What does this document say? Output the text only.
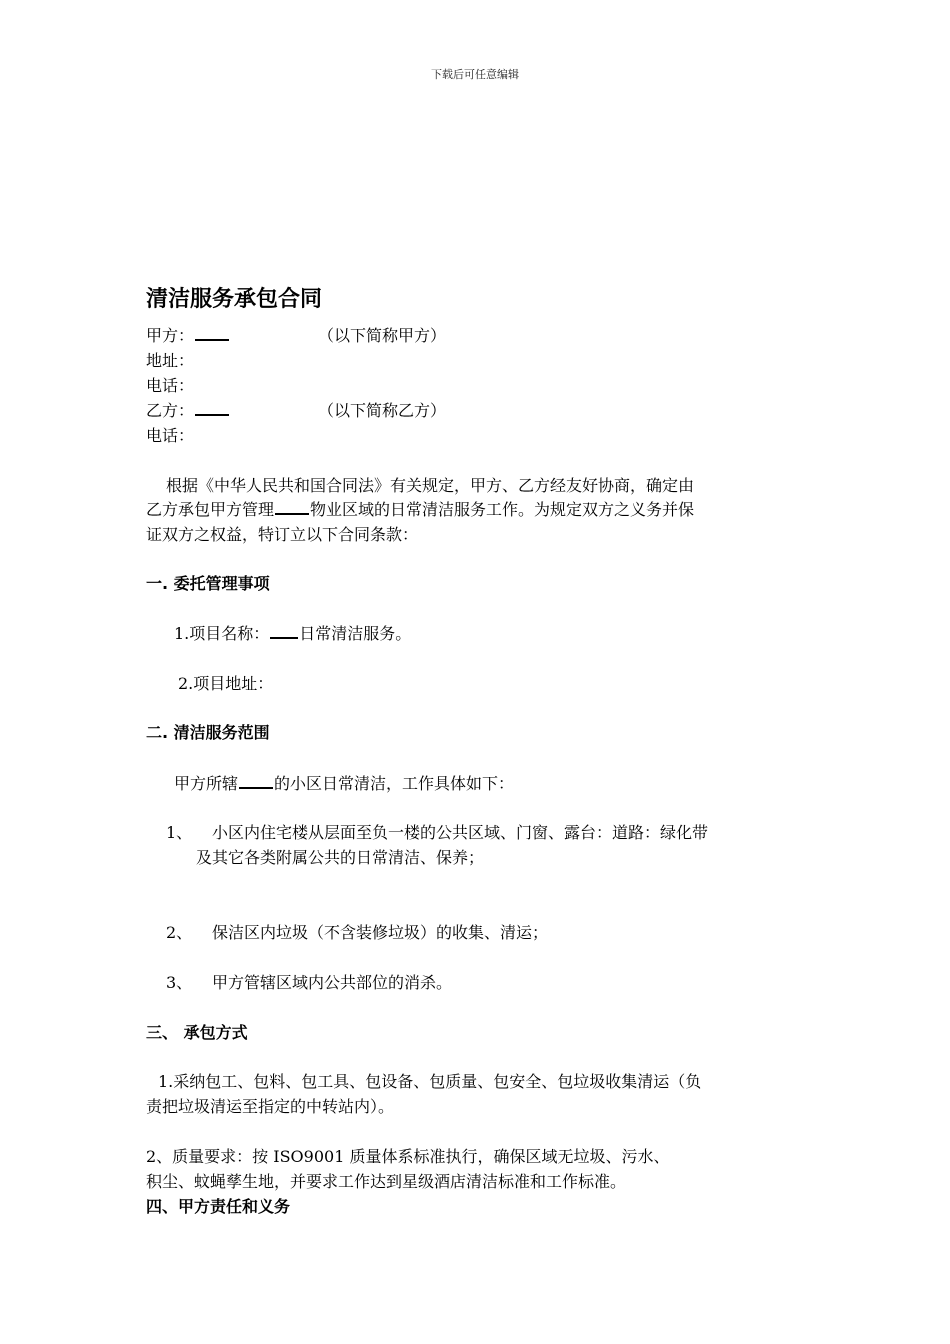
下载后可任意编辑
清洁服务承包合同
甲方：	（以下简称甲方）
地址：
电话：
乙方：	（以下简称乙方）
电话：
根据《中华人民共和国合同法》有关规定，甲方、乙方经友好协商，确定由
乙方承包甲方管理 物业区域的日常清洁服务工作。为规定双方之义务并保
证双方之权益，特订立以下合同条款：
一. 委托管理事项
1.项目名称： 日常清洁服务。
2.项目地址：
二. 清洁服务范围
甲方所辖 的小区日常清洁，工作具体如下：
1、 小区内住宅楼从层面至负一楼的公共区域、门窗、露台：道路：绿化带
及其它各类附属公共的日常清洁、保养；
2、 保洁区内垃圾（不含装修垃圾）的收集、清运；
3、 甲方管辖区域内公共部位的消杀。
三、 承包方式
1.采纳包工、包料、包工具、包设备、包质量、包安全、包垃圾收集清运（负
责把垃圾清运至指定的中转站内）。
2、质量要求：按 ISO9001 质量体系标准执行，确保区域无垃圾、污水、
积尘、蚊蝇孳生地，并要求工作达到星级酒店清洁标准和工作标准。
四、甲方责任和义务
